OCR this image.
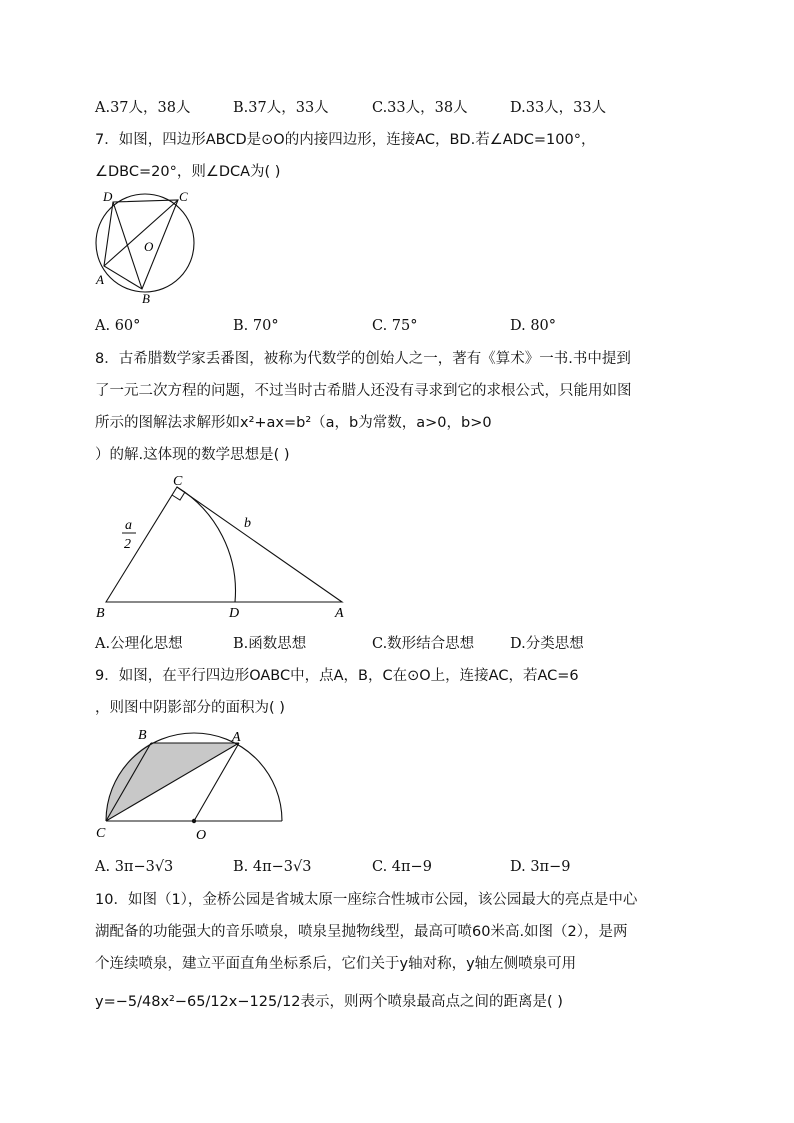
A.37人，38人	B.37人，33人	C.33人，38人	D.33人，33人
7．如图，四边形ABCD是⊙O的内接四边形，连接AC，BD.若∠ADC=100°，
∠DBC=20°，则∠DCA为( )
D	C
O
A
B
A. 60°	B. 70°	C. 75°	D. 80°
8．古希腊数学家丢番图，被称为代数学的创始人之一，著有《算术》一书.书中提到
了一元二次方程的问题，不过当时古希腊人还没有寻求到它的求根公式，只能用如图
所示的图解法求解形如x²+ax=b²（a，b为常数，a>0，b>0
）的解.这体现的数学思想是( )
C
b
a
2
B	D	A
A.公理化思想	B.函数思想	C.数形结合思想 D.分类思想
9．如图，在平行四边形OABC中，点A，B，C在⊙O上，连接AC，若AC=6
，则图中阴影部分的面积为( )
B	A
C	O
A. 3π−3√3	B. 4π−3√3	C. 4π−9	D. 3π−9
10．如图（1），金桥公园是省城太原一座综合性城市公园，该公园最大的亮点是中心
湖配备的功能强大的音乐喷泉，喷泉呈抛物线型，最高可喷60米高.如图（2），是两
个连续喷泉，建立平面直角坐标系后，它们关于y轴对称，y轴左侧喷泉可用
y=−5/48x²−65/12x−125/12表示，则两个喷泉最高点之间的距离是( )
